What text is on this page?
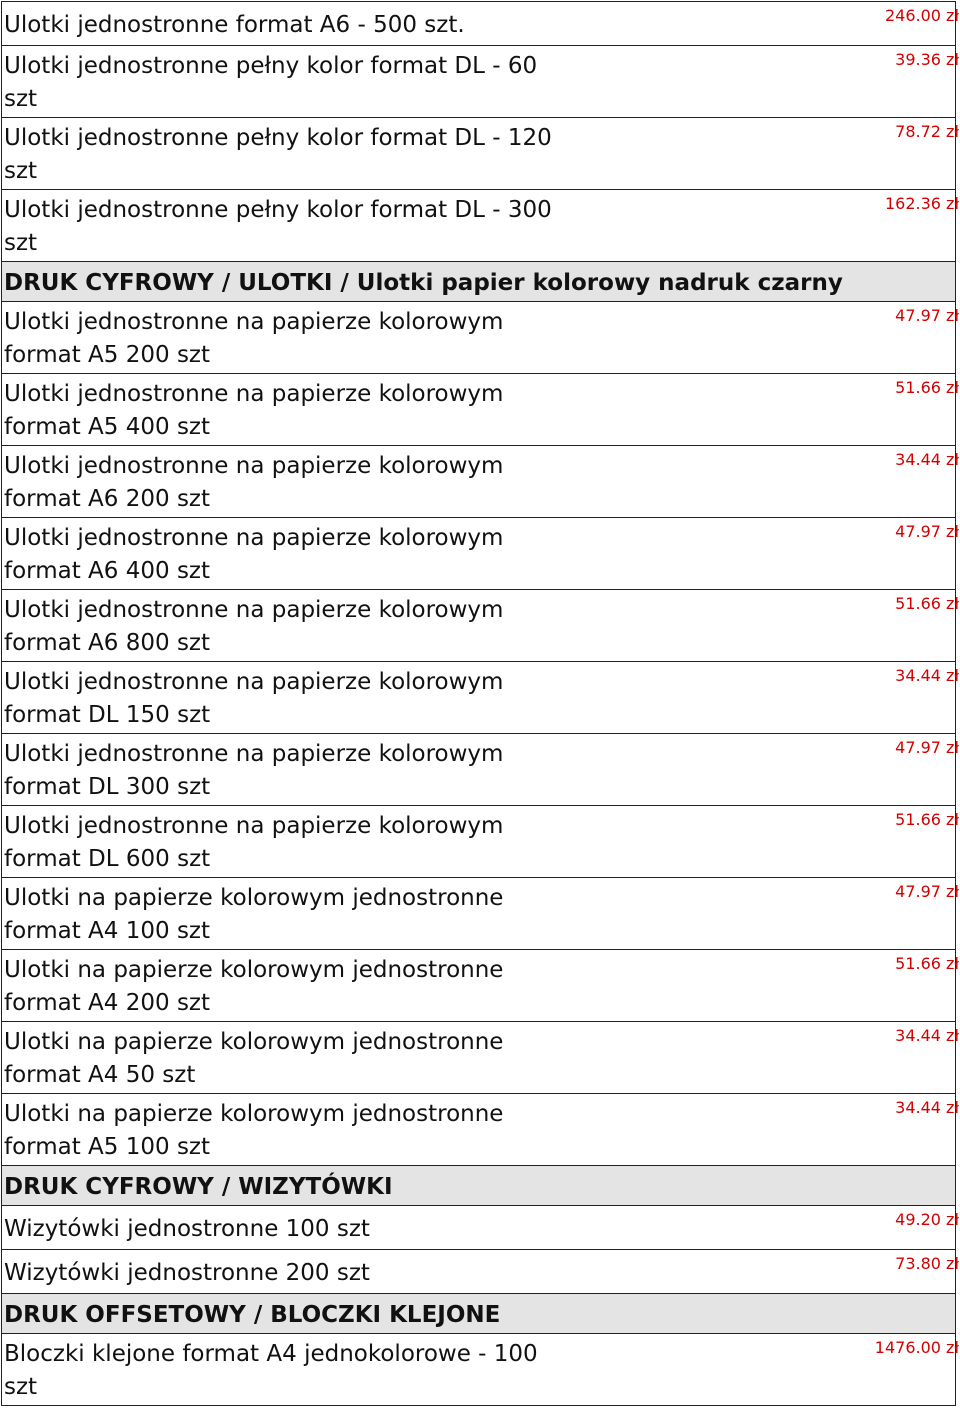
Ulotki jednostronne format A6 - 500 szt.	246.00 zł
Ulotki jednostronne pełny kolor format DL - 60 szt	39.36 zł
Ulotki jednostronne pełny kolor format DL - 120 szt	78.72 zł
Ulotki jednostronne pełny kolor format DL - 300 szt	162.36 zł
DRUK CYFROWY / ULOTKI / Ulotki papier kolorowy nadruk czarny	
Ulotki jednostronne na papierze kolorowym format A5 200 szt	47.97 zł
Ulotki jednostronne na papierze kolorowym format A5 400 szt	51.66 zł
Ulotki jednostronne na papierze kolorowym format A6 200 szt	34.44 zł
Ulotki jednostronne na papierze kolorowym format A6 400 szt	47.97 zł
Ulotki jednostronne na papierze kolorowym format A6 800 szt	51.66 zł
Ulotki jednostronne na papierze kolorowym format DL 150 szt	34.44 zł
Ulotki jednostronne na papierze kolorowym format DL 300 szt	47.97 zł
Ulotki jednostronne na papierze kolorowym format DL 600 szt	51.66 zł
Ulotki na papierze kolorowym jednostronne format A4 100 szt	47.97 zł
Ulotki na papierze kolorowym jednostronne format A4 200 szt	51.66 zł
Ulotki na papierze kolorowym jednostronne format A4 50 szt	34.44 zł
Ulotki na papierze kolorowym jednostronne format A5 100 szt	34.44 zł
DRUK CYFROWY / WIZYTÓWKI	
Wizytówki jednostronne 100 szt	49.20 zł
Wizytówki jednostronne 200 szt	73.80 zł
DRUK OFFSETOWY / BLOCZKI KLEJONE	
Bloczki klejone format A4 jednokolorowe - 100 szt	1476.00 zł
